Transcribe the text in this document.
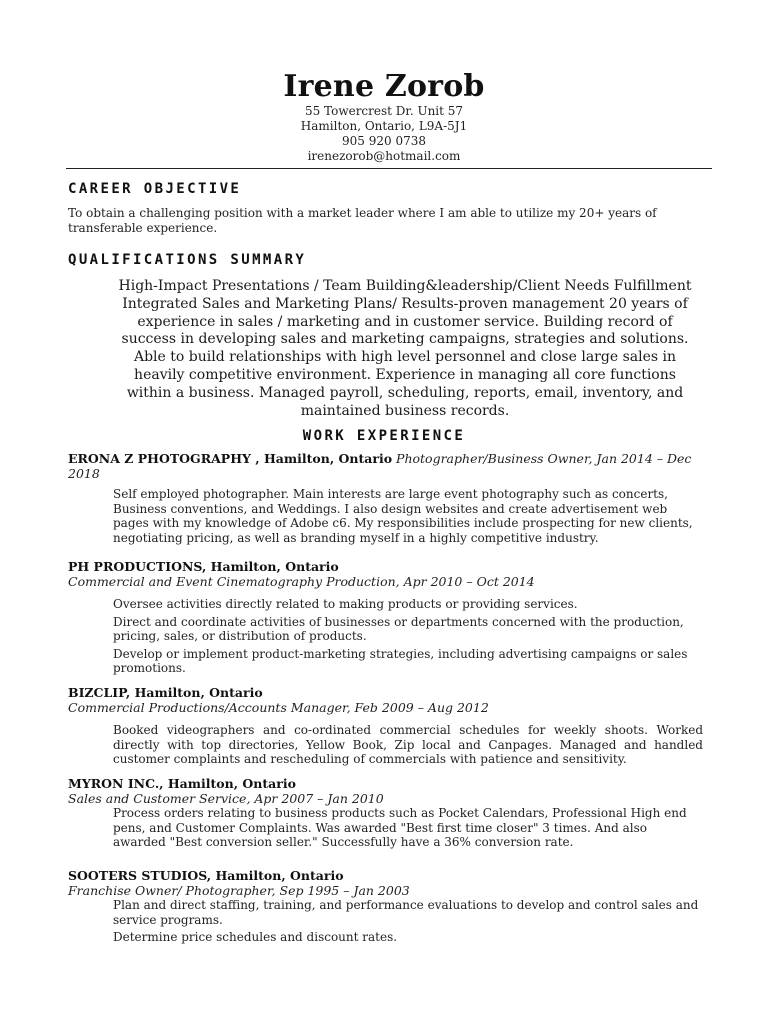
Irene Zorob
55 Towercrest Dr. Unit 57
Hamilton, Ontario, L9A-5J1
905 920 0738
irenezorob@hotmail.com
CAREER OBJECTIVE

To obtain a challenging position with a market leader where I am able to utilize my 20+ years of transferable experience.

QUALIFICATIONS SUMMARY

High-Impact Presentations / Team Building&leadership/Client Needs Fulfillment Integrated Sales and Marketing Plans/ Results-proven management 20 years of experience in sales / marketing and in customer service. Building record of success in developing sales and marketing campaigns, strategies and solutions. Able to build relationships with high level personnel and close large sales in heavily competitive environment. Experience in managing all core functions within a business. Managed payroll, scheduling, reports, email, inventory, and maintained business records.

WORK EXPERIENCE

ERONA Z PHOTOGRAPHY , Hamilton, Ontario Photographer/Business Owner, Jan 2014 – Dec 2018

Self employed photographer. Main interests are large event photography such as concerts, Business conventions, and Weddings. I also design websites and create advertisement web pages with my knowledge of Adobe c6. My responsibilities include prospecting for new clients, negotiating pricing, as well as branding myself in a highly competitive industry.

PH PRODUCTIONS, Hamilton, Ontario

Commercial and Event Cinematography Production, Apr 2010 – Oct 2014

Oversee activities directly related to making products or providing services.

Direct and coordinate activities of businesses or departments concerned with the production, pricing, sales, or distribution of products.

Develop or implement product-marketing strategies, including advertising campaigns or sales promotions.

BIZCLIP, Hamilton, Ontario

Commercial Productions/Accounts Manager, Feb 2009 – Aug 2012

Booked videographers and co-ordinated commercial schedules for weekly shoots. Worked directly with top directories, Yellow Book, Zip local and Canpages. Managed and handled customer complaints and rescheduling of commercials with patience and sensitivity.

MYRON INC., Hamilton, Ontario

Sales and Customer Service, Apr 2007 – Jan 2010

Process orders relating to business products such as Pocket Calendars, Professional High end pens, and Customer Complaints. Was awarded "Best first time closer" 3 times. And also awarded "Best conversion seller." Successfully have a 36% conversion rate.

SOOTERS STUDIOS, Hamilton, Ontario

Franchise Owner/ Photographer, Sep 1995 – Jan 2003

Plan and direct staffing, training, and performance evaluations to develop and control sales and service programs.

Determine price schedules and discount rates.
